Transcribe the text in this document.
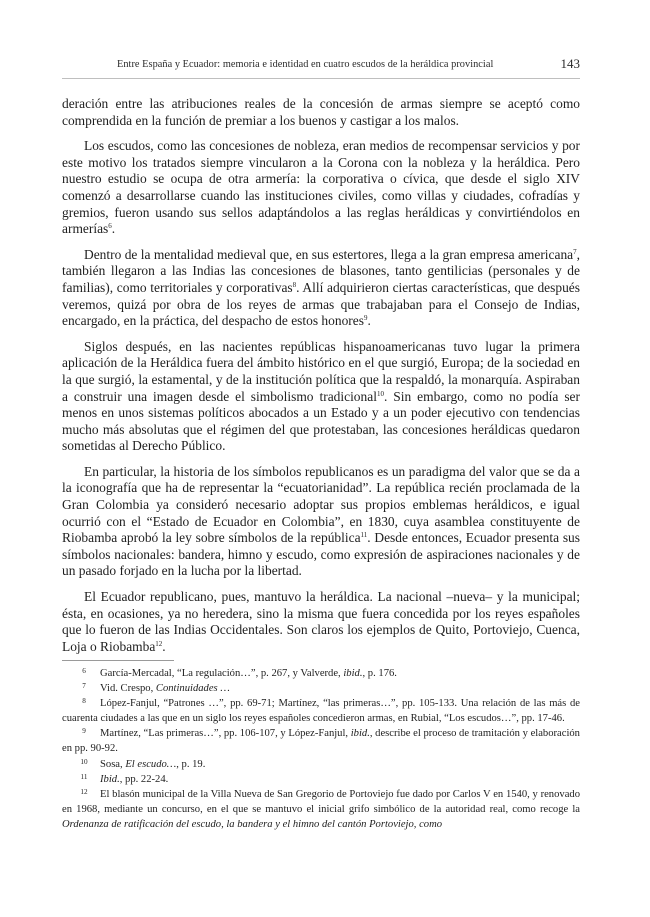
Entre España y Ecuador: memoria e identidad en cuatro escudos de la heráldica provincial	143

deración entre las atribuciones reales de la concesión de armas siempre se aceptó como comprendida en la función de premiar a los buenos y castigar a los malos.

Los escudos, como las concesiones de nobleza, eran medios de recompensar servicios y por este motivo los tratados siempre vincularon a la Corona con la nobleza y la heráldica. Pero nuestro estudio se ocupa de otra armería: la corporativa o cívica, que desde el siglo XIV comenzó a desarrollarse cuando las instituciones civiles, como villas y ciudades, cofradías y gremios, fueron usando sus sellos adaptándolos a las reglas heráldicas y convirtiéndolos en armerías$^6$.

Dentro de la mentalidad medieval que, en sus estertores, llega a la gran empresa americana$^7$, también llegaron a las Indias las concesiones de blasones, tanto gentilicias (personales y de familias), como territoriales y corporativas$^8$. Allí adquirieron ciertas características, que después veremos, quizá por obra de los reyes de armas que trabajaban para el Consejo de Indias, encargado, en la práctica, del despacho de estos honores$^9$.

Siglos después, en las nacientes repúblicas hispanoamericanas tuvo lugar la primera aplicación de la Heráldica fuera del ámbito histórico en el que surgió, Europa; de la sociedad en la que surgió, la estamental, y de la institución política que la respaldó, la monarquía. Aspiraban a construir una imagen desde el simbolismo tradicional$^{10}$. Sin embargo, como no podía ser menos en unos sistemas políticos abocados a un Estado y a un poder ejecutivo con tendencias mucho más absolutas que el régimen del que protestaban, las concesiones heráldicas quedaron sometidas al Derecho Público.

En particular, la historia de los símbolos republicanos es un paradigma del valor que se da a la iconografía que ha de representar la “ecuatorianidad”. La república recién proclamada de la Gran Colombia ya consideró necesario adoptar sus propios emblemas heráldicos, e igual ocurrió con el “Estado de Ecuador en Colombia”, en 1830, cuya asamblea constituyente de Riobamba aprobó la ley sobre símbolos de la república$^{11}$. Desde entonces, Ecuador presenta sus símbolos nacionales: bandera, himno y escudo, como expresión de aspiraciones nacionales y de un pasado forjado en la lucha por la libertad.

El Ecuador republicano, pues, mantuvo la heráldica. La nacional –nueva– y la municipal; ésta, en ocasiones, ya no heredera, sino la misma que fuera concedida por los reyes españoles que lo fueron de las Indias Occidentales. Son claros los ejemplos de Quito, Portoviejo, Cuenca, Loja o Riobamba$^{12}$.

6 García-Mercadal, “La regulación…”, p. 267, y Valverde, ibid., p. 176.
7 Vid. Crespo, Continuidades …
8 López-Fanjul, “Patrones …”, pp. 69-71; Martínez, “las primeras…”, pp. 105-133. Una relación de las más de cuarenta ciudades a las que en un siglo los reyes españoles concedieron armas, en Rubial, “Los escudos…”, pp. 17-46.
9 Martínez, “Las primeras…”, pp. 106-107, y López-Fanjul, ibid., describe el proceso de tramitación y elaboración en pp. 90-92.
10 Sosa, El escudo…, p. 19.
11 Ibid., pp. 22-24.
12 El blasón municipal de la Villa Nueva de San Gregorio de Portoviejo fue dado por Carlos V en 1540, y renovado en 1968, mediante un concurso, en el que se mantuvo el inicial grifo simbólico de la autoridad real, como recoge la Ordenanza de ratificación del escudo, la bandera y el himno del cantón Portoviejo, como
